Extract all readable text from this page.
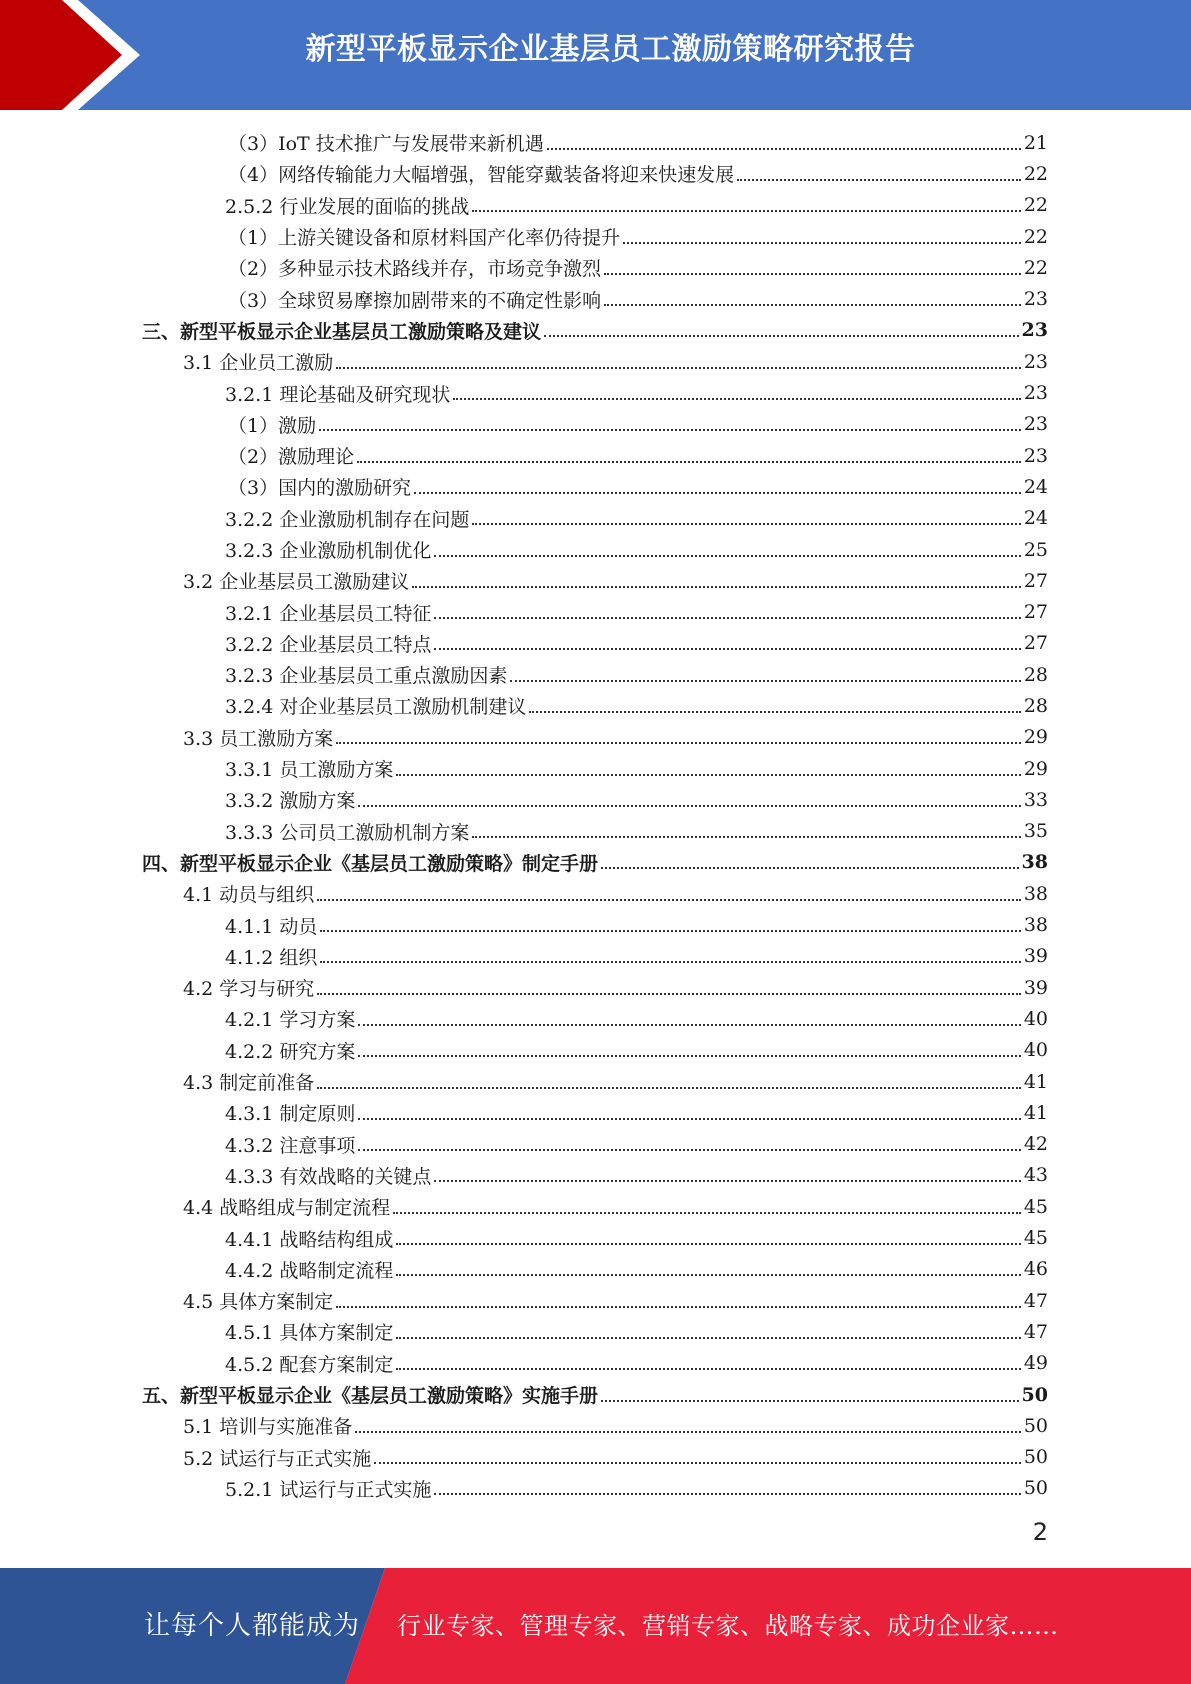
新型平板显示企业基层员工激励策略研究报告
（3）IoT 技术推广与发展带来新机遇	21
（4）网络传输能力大幅增强，智能穿戴装备将迎来快速发展	22
2.5.2 行业发展的面临的挑战	22
（1）上游关键设备和原材料国产化率仍待提升	22
（2）多种显示技术路线并存，市场竞争激烈	22
（3）全球贸易摩擦加剧带来的不确定性影响	23
三、新型平板显示企业基层员工激励策略及建议	23
3.1 企业员工激励	23
3.2.1 理论基础及研究现状	23
（1）激励	23
（2）激励理论	23
（3）国内的激励研究	24
3.2.2 企业激励机制存在问题	24
3.2.3 企业激励机制优化	25
3.2 企业基层员工激励建议	27
3.2.1 企业基层员工特征	27
3.2.2 企业基层员工特点	27
3.2.3 企业基层员工重点激励因素	28
3.2.4 对企业基层员工激励机制建议	28
3.3 员工激励方案	29
3.3.1 员工激励方案	29
3.3.2 激励方案	33
3.3.3 公司员工激励机制方案	35
四、新型平板显示企业《基层员工激励策略》制定手册	38
4.1 动员与组织	38
4.1.1 动员	38
4.1.2 组织	39
4.2 学习与研究	39
4.2.1 学习方案	40
4.2.2 研究方案	40
4.3 制定前准备	41
4.3.1 制定原则	41
4.3.2 注意事项	42
4.3.3 有效战略的关键点	43
4.4 战略组成与制定流程	45
4.4.1 战略结构组成	45
4.4.2 战略制定流程	46
4.5 具体方案制定	47
4.5.1 具体方案制定	47
4.5.2 配套方案制定	49
五、新型平板显示企业《基层员工激励策略》实施手册	50
5.1 培训与实施准备	50
5.2 试运行与正式实施	50
5.2.1 试运行与正式实施	50
2
让每个人都能成为 行业专家、管理专家、营销专家、战略专家、成功企业家……
